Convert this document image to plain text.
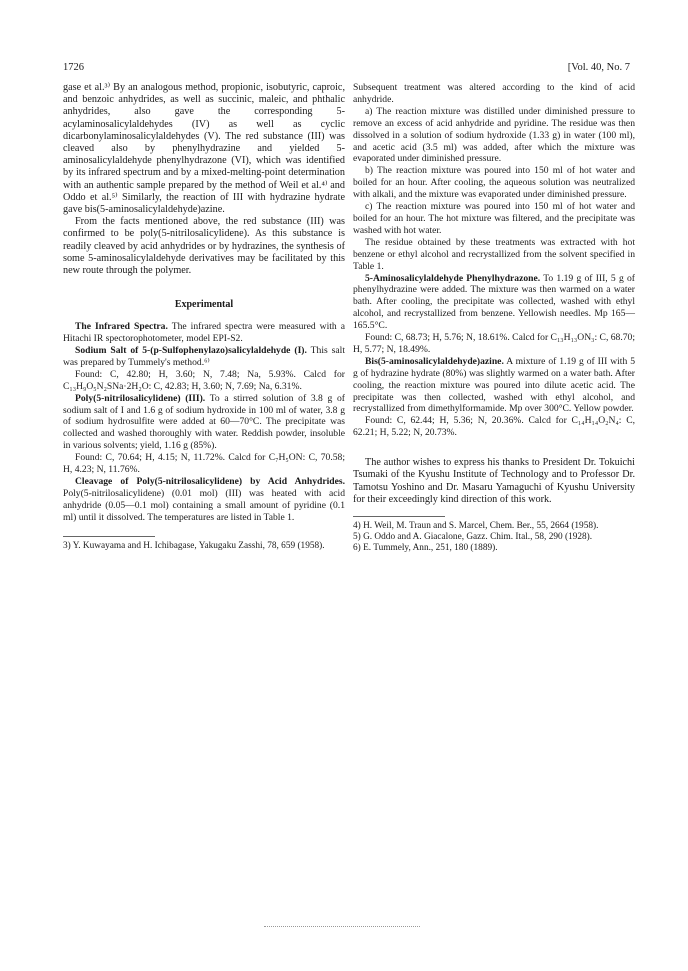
1726	[Vol. 40, No. 7

gase et al.³⁾ By an analogous method, propionic, isobutyric, caproic, and benzoic anhydrides, as well as succinic, maleic, and phthalic anhydrides, also gave the corresponding 5-acylaminosalicylaldehydes (IV) as well as cyclic dicarbonylaminosalicylaldehydes (V). The red substance (III) was cleaved also by phenylhydrazine and yielded 5-aminosalicylaldehyde phenylhydrazone (VI), which was identified by its infrared spectrum and by a mixed-melting-point determination with an authentic sample prepared by the method of Weil et al.⁴⁾ and Oddo et al.⁵⁾ Similarly, the reaction of III with hydrazine hydrate gave bis(5-aminosalicylaldehyde)azine.

From the facts mentioned above, the red substance (III) was confirmed to be poly(5-nitrilosalicylidene). As this substance is readily cleaved by acid anhydrides or by hydrazines, the synthesis of some 5-aminosalicylaldehyde derivatives may be facilitated by this new route through the polymer.

Experimental

The Infrared Spectra. The infrared spectra were measured with a Hitachi IR spectorophotometer, model EPI-S2.

Sodium Salt of 5-(p-Sulfophenylazo)salicylaldehyde (I). This salt was prepared by Tummely's method.⁶⁾

Found: C, 42.80; H, 3.60; N, 7.48; Na, 5.93%. Calcd for C₁₃H₉O₅N₂SNa·2H₂O: C, 42.83; H, 3.60; N, 7.69; Na, 6.31%.

Poly(5-nitrilosalicylidene) (III). To a stirred solution of 3.8 g of sodium salt of I and 1.6 g of sodium hydroxide in 100 ml of water, 3.8 g of sodium hydrosulfite were added at 60—70°C. The precipitate was collected and washed thoroughly with water. Reddish powder, insoluble in various solvents; yield, 1.16 g (85%).

Found: C, 70.64; H, 4.15; N, 11.72%. Calcd for C₇H₅ON: C, 70.58; H, 4.23; N, 11.76%.

Cleavage of Poly(5-nitrilosalicylidene) by Acid Anhydrides. Poly(5-nitrilosalicylidene) (0.01 mol) (III) was heated with acid anhydride (0.05—0.1 mol) containing a small amount of pyridine (0.1 ml) until it dissolved. The temperatures are listed in Table 1.

3) Y. Kuwayama and H. Ichibagase, Yakugaku Zasshi, 78, 659 (1958).

Subsequent treatment was altered according to the kind of acid anhydride.

a) The reaction mixture was distilled under diminished pressure to remove an excess of acid anhydride and pyridine. The residue was then dissolved in a solution of sodium hydroxide (1.33 g) in water (100 ml), and acetic acid (3.5 ml) was added, after which the mixture was evaporated under diminished pressure.

b) The reaction mixture was poured into 150 ml of hot water and boiled for an hour. After cooling, the aqueous solution was neutralized with alkali, and the mixture was evaporated under diminished pressure.

c) The reaction mixture was poured into 150 ml of hot water and boiled for an hour. The hot mixture was filtered, and the precipitate was washed with hot water.

The residue obtained by these treatments was extracted with hot benzene or ethyl alcohol and recrystallized from the solvent specified in Table 1.

5-Aminosalicylaldehyde Phenylhydrazone. To 1.19 g of III, 5 g of phenylhydrazine were added. The mixture was then warmed on a water bath. After cooling, the precipitate was collected, washed with ethyl alcohol, and recrystallized from benzene. Yellowish needles. Mp 165—165.5°C.

Found: C, 68.73; H, 5.76; N, 18.61%. Calcd for C₁₃H₁₃ON₃: C, 68.70; H, 5.77; N, 18.49%.

Bis(5-aminosalicylaldehyde)azine. A mixture of 1.19 g of III with 5 g of hydrazine hydrate (80%) was slightly warmed on a water bath. After cooling, the reaction mixture was poured into dilute acetic acid. The precipitate was then collected, washed with ethyl alcohol, and recrystallized from dimethylformamide. Mp over 300°C. Yellow powder.

Found: C, 62.44; H, 5.36; N, 20.36%. Calcd for C₁₄H₁₄O₂N₄: C, 62.21; H, 5.22; N, 20.73%.

The author wishes to express his thanks to President Dr. Tokuichi Tsumaki of the Kyushu Institute of Technology and to Professor Dr. Tamotsu Yoshino and Dr. Masaru Yamaguchi of Kyushu University for their exceedingly kind direction of this work.

4) H. Weil, M. Traun and S. Marcel, Chem. Ber., 55, 2664 (1958).

5) G. Oddo and A. Giacalone, Gazz. Chim. Ital., 58, 290 (1928).

6) E. Tummely, Ann., 251, 180 (1889).
